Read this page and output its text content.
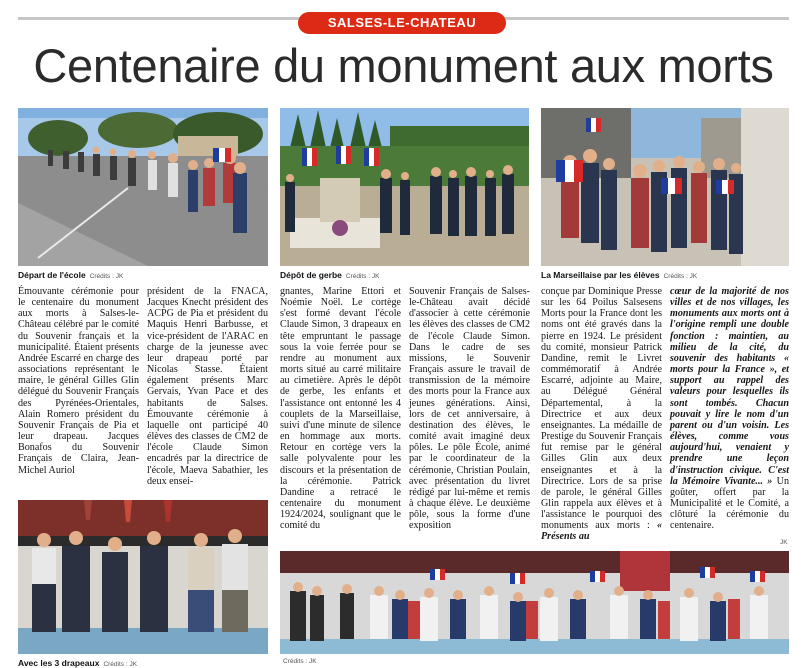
SALSES-LE-CHATEAU
Centenaire du monument aux morts
Départ de l'école Crédits : JK	Dépôt de gerbe Crédits : JK	La Marseillaise par les élèves Crédits : JK

Émouvante cérémonie pour le centenaire du monument aux morts à Salses-le-Château célébré par le comité du Souvenir français et la municipalité. Étaient présents Andrée Escarré en charge des associations représentant le maire, le général Gilles Glin délégué du Souvenir Français des Pyrénées-Orientales, Alain Romero président du Souvenir Français de Pia et leur drapeau. Jacques Bonafos du Souvenir Français de Claira, Jean-Michel Auriol

président de la FNACA, Jacques Knecht président des ACPG de Pia et président du Maquis Henri Barbusse, et vice-président de l'ARAC en charge de la jeunesse avec leur drapeau porté par Nicolas Stasse. Étaient également présents Marc Gervais, Yvan Pace et des habitants de Salses. Émouvante cérémonie à laquelle ont participé 40 élèves des classes de CM2 de l'école Claude Simon encadrés par la directrice de l'école, Maeva Sabathier, les deux ensei-

gnantes, Marine Ettori et Noémie Noël. Le cortège s'est formé devant l'école Claude Simon, 3 drapeaux en tête empruntant le passage sous la voie ferrée pour se rendre au monument aux morts situé au carré militaire au cimetière. Après le dépôt de gerbe, les enfants et l'assistance ont entonné les 4 couplets de la Marseillaise, suivi d'une minute de silence en hommage aux morts. Retour en cortège vers la salle polyvalente pour les discours et la présentation de la cérémonie. Patrick Dandine a retracé le centenaire du monument 1924/2024, soulignant que le comité du

Souvenir Français de Salses-le-Château avait décidé d'associer à cette cérémonie les élèves des classes de CM2 de l'école Claude Simon. Dans le cadre de ses missions, le Souvenir Français assure le travail de transmission de la mémoire des morts pour la France aux jeunes générations. Ainsi, lors de cet anniversaire, à destination des élèves, le comité avait imaginé deux pôles. Le pôle École, animé par le coordinateur de la cérémonie, Christian Poulain, avec présentation du livret rédigé par lui-même et remis à chaque élève. Le deuxième pôle, sous la forme d'une exposition

conçue par Dominique Presse sur les 64 Poilus Salsesens Morts pour la France dont les noms ont été gravés dans la pierre en 1924. Le président du comité, monsieur Patrick Dandine, remit le Livret commémoratif à Andrée Escarré, adjointe au Maire, au Délégué Général Départemental, à la Directrice et aux deux enseignantes. La médaille de Prestige du Souvenir Français fut remise par le général Gilles Glin aux deux enseignantes et à la Directrice. Lors de sa prise de parole, le général Gilles Glin rappela aux élèves et à l'assistance le pourquoi des monuments aux morts : « Présents au

cœur de la majorité de nos villes et de nos villages, les monuments aux morts ont à l'origine rempli une double fonction : maintien, au milieu de la cité, du souvenir des habitants « morts pour la France », et support au rappel des valeurs pour lesquelles ils sont tombés. Chacun pouvait y lire le nom d'un parent ou d'un voisin. Les élèves, comme vous aujourd'hui, venaient y prendre une leçon d'instruction civique. C'est la Mémoire Vivante... » Un goûter, offert par la Municipalité et le Comité, a clôturé la cérémonie du centenaire.

JK
Avec les 3 drapeaux Crédits : JK	Crédits : JK
